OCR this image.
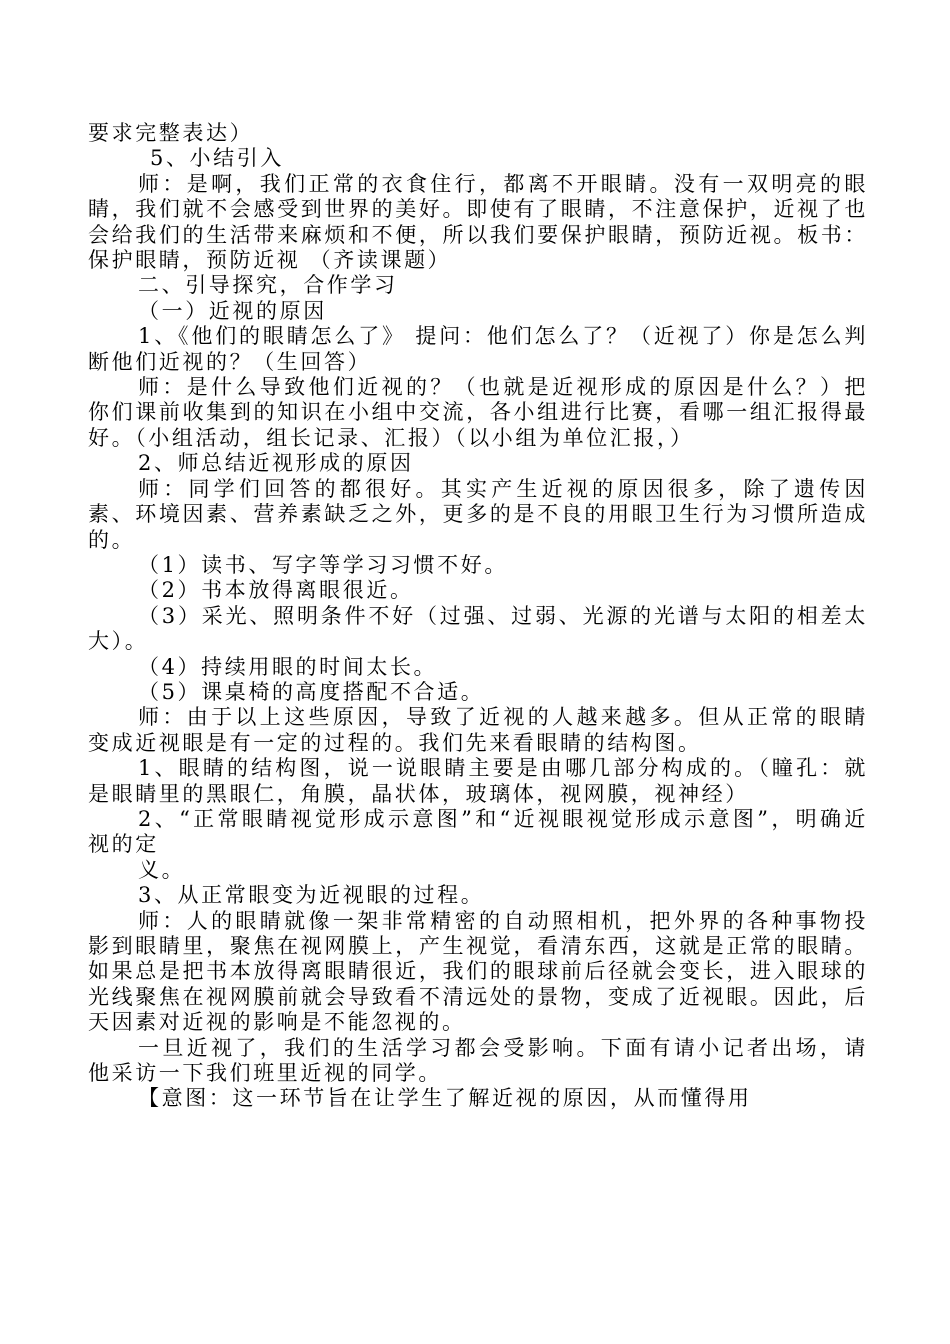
要求完整表达）

5、小结引入

师：是啊，我们正常的衣食住行，都离不开眼睛。没有一双明亮的眼睛，我们就不会感受到世界的美好。即使有了眼睛，不注意保护，近视了也会给我们的生活带来麻烦和不便，所以我们要保护眼睛，预防近视。板书：保护眼睛，预防近视 （齐读课题）

二、引导探究，合作学习

（一）近视的原因

1、《他们的眼睛怎么了》 提问：他们怎么了？（近视了）你是怎么判断他们近视的？（生回答）

师：是什么导致他们近视的？（也就是近视形成的原因是什么？）把你们课前收集到的知识在小组中交流，各小组进行比赛，看哪一组汇报得最好。（小组活动，组长记录、汇报）（以小组为单位汇报，）

2、师总结近视形成的原因

师：同学们回答的都很好。其实产生近视的原因很多，除了遗传因素、环境因素、营养素缺乏之外，更多的是不良的用眼卫生行为习惯所造成的。

（1）读书、写字等学习习惯不好。

（2）书本放得离眼很近。

（3）采光、照明条件不好（过强、过弱、光源的光谱与太阳的相差太大）。

（4）持续用眼的时间太长。

（5）课桌椅的高度搭配不合适。

师：由于以上这些原因，导致了近视的人越来越多。但从正常的眼睛变成近视眼是有一定的过程的。我们先来看眼睛的结构图。

1、眼睛的结构图，说一说眼睛主要是由哪几部分构成的。（瞳孔：就是眼睛里的黑眼仁，角膜，晶状体，玻璃体，视网膜，视神经）

2、“正常眼睛视觉形成示意图”和“近视眼视觉形成示意图”，明确近视的定

义。

3、从正常眼变为近视眼的过程。

师：人的眼睛就像一架非常精密的自动照相机，把外界的各种事物投影到眼睛里，聚焦在视网膜上，产生视觉，看清东西，这就是正常的眼睛。如果总是把书本放得离眼睛很近，我们的眼球前后径就会变长，进入眼球的光线聚焦在视网膜前就会导致看不清远处的景物，变成了近视眼。因此，后天因素对近视的影响是不能忽视的。

一旦近视了，我们的生活学习都会受影响。下面有请小记者出场，请他采访一下我们班里近视的同学。

【意图：这一环节旨在让学生了解近视的原因，从而懂得用
